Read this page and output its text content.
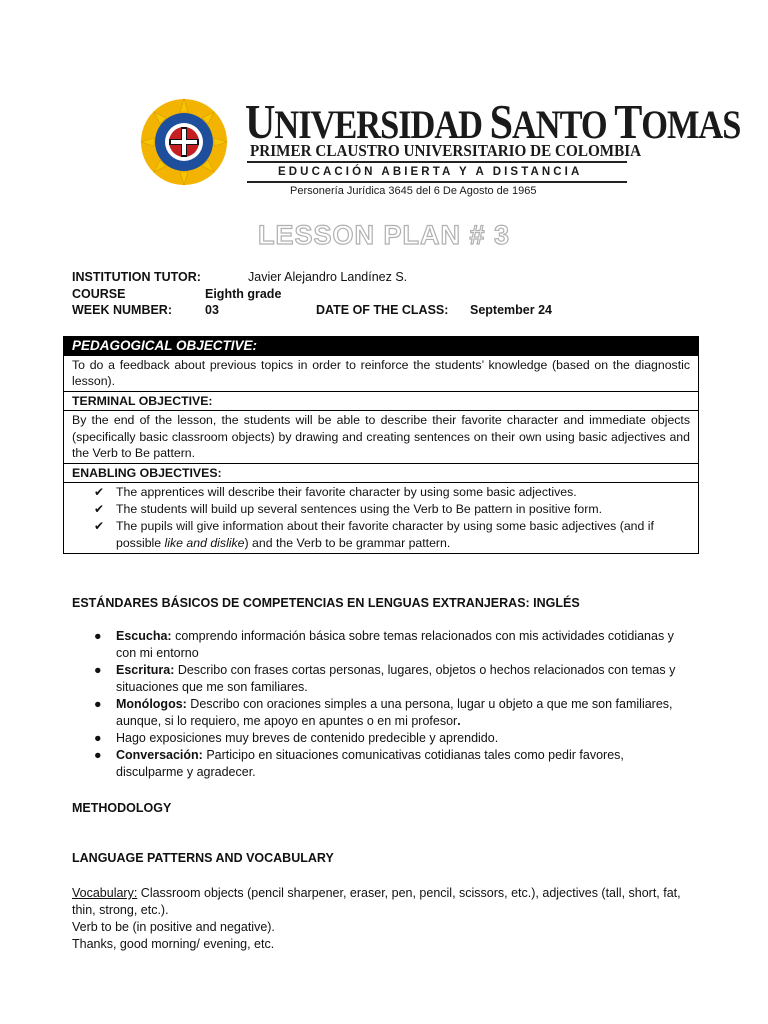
UNIVERSIDAD SANTO TOMAS
PRIMER CLAUSTRO UNIVERSITARIO DE COLOMBIA
EDUCACIÓN ABIERTA Y A DISTANCIA
Personería Jurídica 3645 del 6 De Agosto de 1965
LESSON PLAN # 3
INSTITUTION TUTOR:	Javier Alejandro Landínez S.
COURSE	Eighth grade
WEEK NUMBER:	03	DATE OF THE CLASS: September 24
PEDAGOGICAL OBJECTIVE:
To do a feedback about previous topics in order to reinforce the students’ knowledge (based on the diagnostic lesson).
TERMINAL OBJECTIVE:
By the end of the lesson, the students will be able to describe their favorite character and immediate objects (specifically basic classroom objects) by drawing and creating sentences on their own using basic adjectives and the Verb to Be pattern.
ENABLING OBJECTIVES:

✔ The apprentices will describe their favorite character by using some basic adjectives.
✔ The students will build up several sentences using the Verb to Be pattern in positive form.
✔ The pupils will give information about their favorite character by using some basic adjectives (and if possible like and dislike) and the Verb to be grammar pattern.
ESTÁNDARES BÁSICOS DE COMPETENCIAS EN LENGUAS EXTRANJERAS: INGLÉS
● Escucha: comprendo información básica sobre temas relacionados con mis actividades cotidianas y con mi entorno
● Escritura: Describo con frases cortas personas, lugares, objetos o hechos relacionados con temas y situaciones que me son familiares.
● Monólogos: Describo con oraciones simples a una persona, lugar u objeto a que me son familiares, aunque, si lo requiero, me apoyo en apuntes o en mi profesor.
● Hago exposiciones muy breves de contenido predecible y aprendido.
● Conversación: Participo en situaciones comunicativas cotidianas tales como pedir favores, disculparme y agradecer.
METHODOLOGY
LANGUAGE PATTERNS AND VOCABULARY
Vocabulary: Classroom objects (pencil sharpener, eraser, pen, pencil, scissors, etc.), adjectives (tall, short, fat, thin, strong, etc.).
Verb to be (in positive and negative).
Thanks, good morning/ evening, etc.
